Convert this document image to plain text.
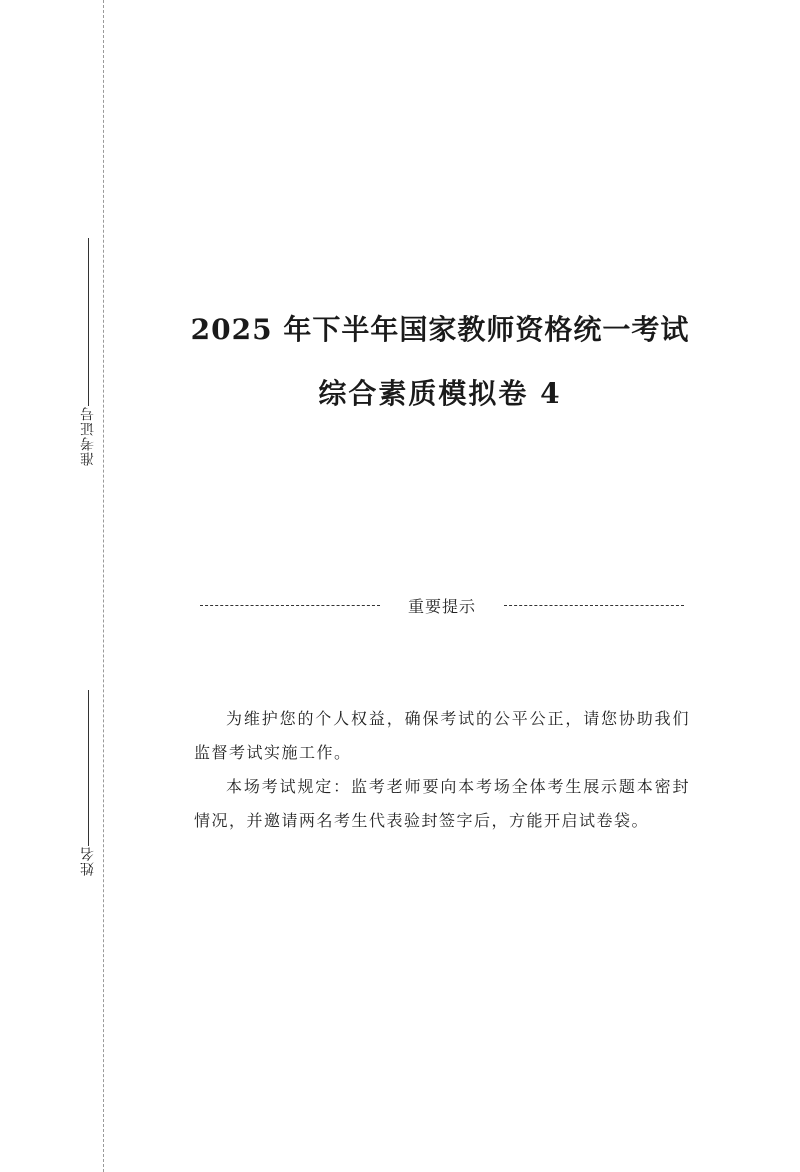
准考证号
姓名
2025 年下半年国家教师资格统一考试
综合素质模拟卷 4
重要提示

为维护您的个人权益，确保考试的公平公正，请您协助我们监督考试实施工作。

本场考试规定：监考老师要向本考场全体考生展示题本密封情况，并邀请两名考生代表验封签字后，方能开启试卷袋。
